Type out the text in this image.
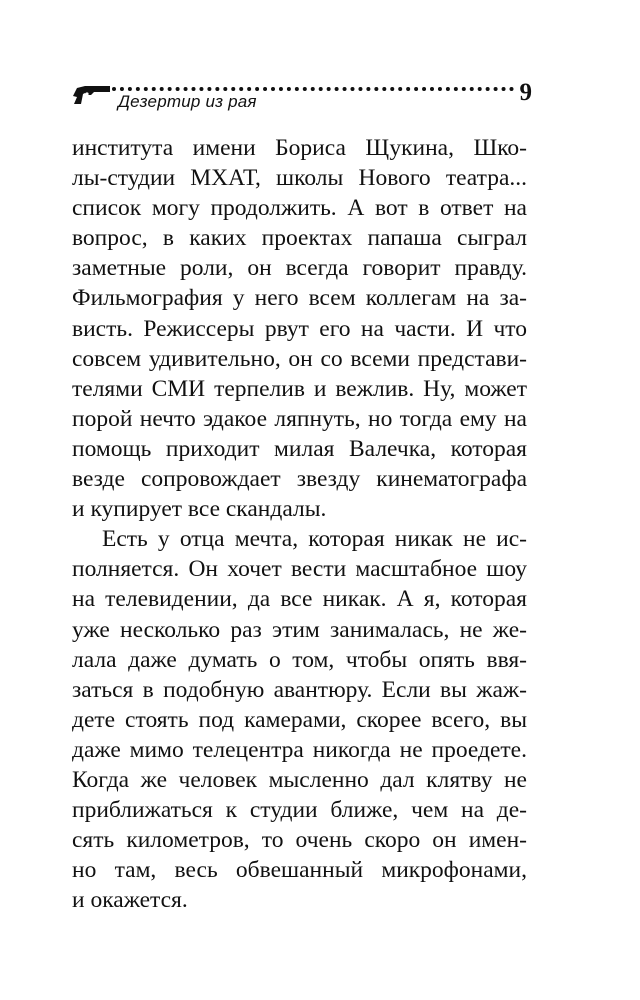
Дезертир из рая	9
института имени Бориса Щукина, Шко-
лы-студии МХАТ, школы Нового театра...
список могу продолжить. А вот в ответ на
вопрос, в каких проектах папаша сыграл
заметные роли, он всегда говорит правду.
Фильмография у него всем коллегам на за-
висть. Режиссеры рвут его на части. И что
совсем удивительно, он со всеми представи-
телями СМИ терпелив и вежлив. Ну, может
порой нечто эдакое ляпнуть, но тогда ему на
помощь приходит милая Валечка, которая
везде сопровождает звезду кинематографа
и купирует все скандалы.
Есть у отца мечта, которая никак не ис-
полняется. Он хочет вести масштабное шоу
на телевидении, да все никак. А я, которая
уже несколько раз этим занималась, не же-
лала даже думать о том, чтобы опять ввя-
заться в подобную авантюру. Если вы жаж-
дете стоять под камерами, скорее всего, вы
даже мимо телецентра никогда не проедете.
Когда же человек мысленно дал клятву не
приближаться к студии ближе, чем на де-
сять километров, то очень скоро он имен-
но там, весь обвешанный микрофонами,
и окажется.
